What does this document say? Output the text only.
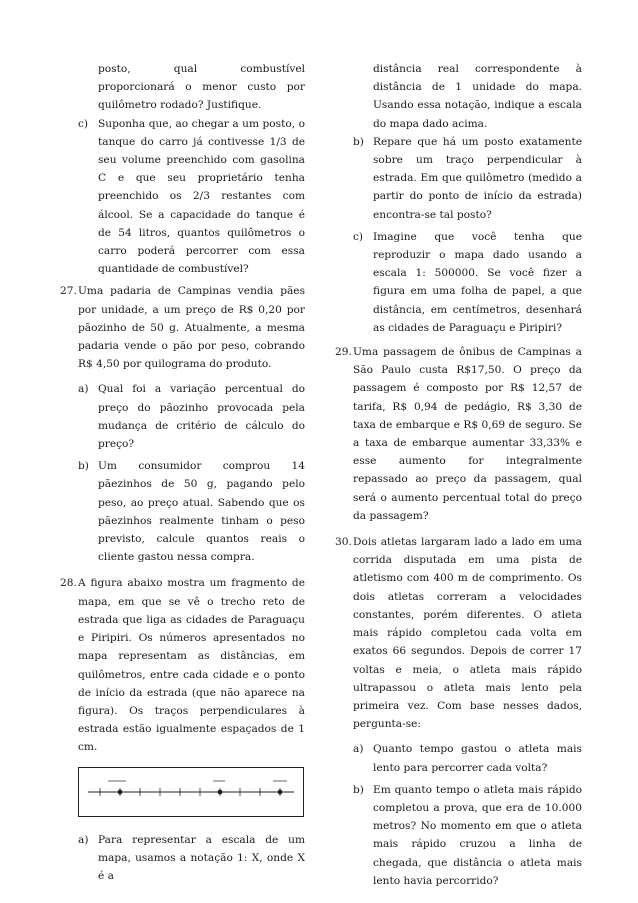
posto, qual combustível proporcionará o menor custo por quilômetro rodado? Justifique.

c) Suponha que, ao chegar a um posto, o tanque do carro já contivesse 1/3 de seu volume preenchido com gasolina C e que seu proprietário tenha preenchido os 2/3 restantes com álcool. Se a capacidade do tanque é de 54 litros, quantos quilômetros o carro poderá percorrer com essa quantidade de combustível?
27. Uma padaria de Campinas vendia pães por unidade, a um preço de R$ 0,20 por pãozinho de 50 g. Atualmente, a mesma padaria vende o pão por peso, cobrando R$ 4,50 por quilograma do produto.
a) Qual foi a variação percentual do preço do pãozinho provocada pela mudança de critério de cálculo do preço?
b) Um consumidor comprou 14 pãezinhos de 50 g, pagando pelo peso, ao preço atual. Sabendo que os pãezinhos realmente tinham o peso previsto, calcule quantos reais o cliente gastou nessa compra.
28. A figura abaixo mostra um fragmento de mapa, em que se vê o trecho reto de estrada que liga as cidades de Paraguaçu e Piripiri. Os números apresentados no mapa representam as distâncias, em quilômetros, entre cada cidade e o ponto de início da estrada (que não aparece na figura). Os traços perpendiculares à estrada estão igualmente espaçados de 1 cm.
a) Para representar a escala de um mapa, usamos a notação 1: X, onde X é a

distância real correspondente à distância de 1 unidade do mapa. Usando essa notação, indique a escala do mapa dado acima.

b) Repare que há um posto exatamente sobre um traço perpendicular à estrada. Em que quilômetro (medido a partir do ponto de início da estrada) encontra-se tal posto?
c) Imagine que você tenha que reproduzir o mapa dado usando a escala 1: 500000. Se você fizer a figura em uma folha de papel, a que distância, em centímetros, desenhará as cidades de Paraguaçu e Piripiri?
29. Uma passagem de ônibus de Campinas a São Paulo custa R$17,50. O preço da passagem é composto por R$ 12,57 de tarifa, R$ 0,94 de pedágio, R$ 3,30 de taxa de embarque e R$ 0,69 de seguro. Se a taxa de embarque aumentar 33,33% e esse aumento for integralmente repassado ao preço da passagem, qual será o aumento percentual total do preço da passagem?
30. Dois atletas largaram lado a lado em uma corrida disputada em uma pista de atletismo com 400 m de comprimento. Os dois atletas correram a velocidades constantes, porém diferentes. O atleta mais rápido completou cada volta em exatos 66 segundos. Depois de correr 17 voltas e meia, o atleta mais rápido ultrapassou o atleta mais lento pela primeira vez. Com base nesses dados, pergunta-se:
a) Quanto tempo gastou o atleta mais lento para percorrer cada volta?
b) Em quanto tempo o atleta mais rápido completou a prova, que era de 10.000 metros? No momento em que o atleta mais rápido cruzou a linha de chegada, que distância o atleta mais lento havia percorrido?
